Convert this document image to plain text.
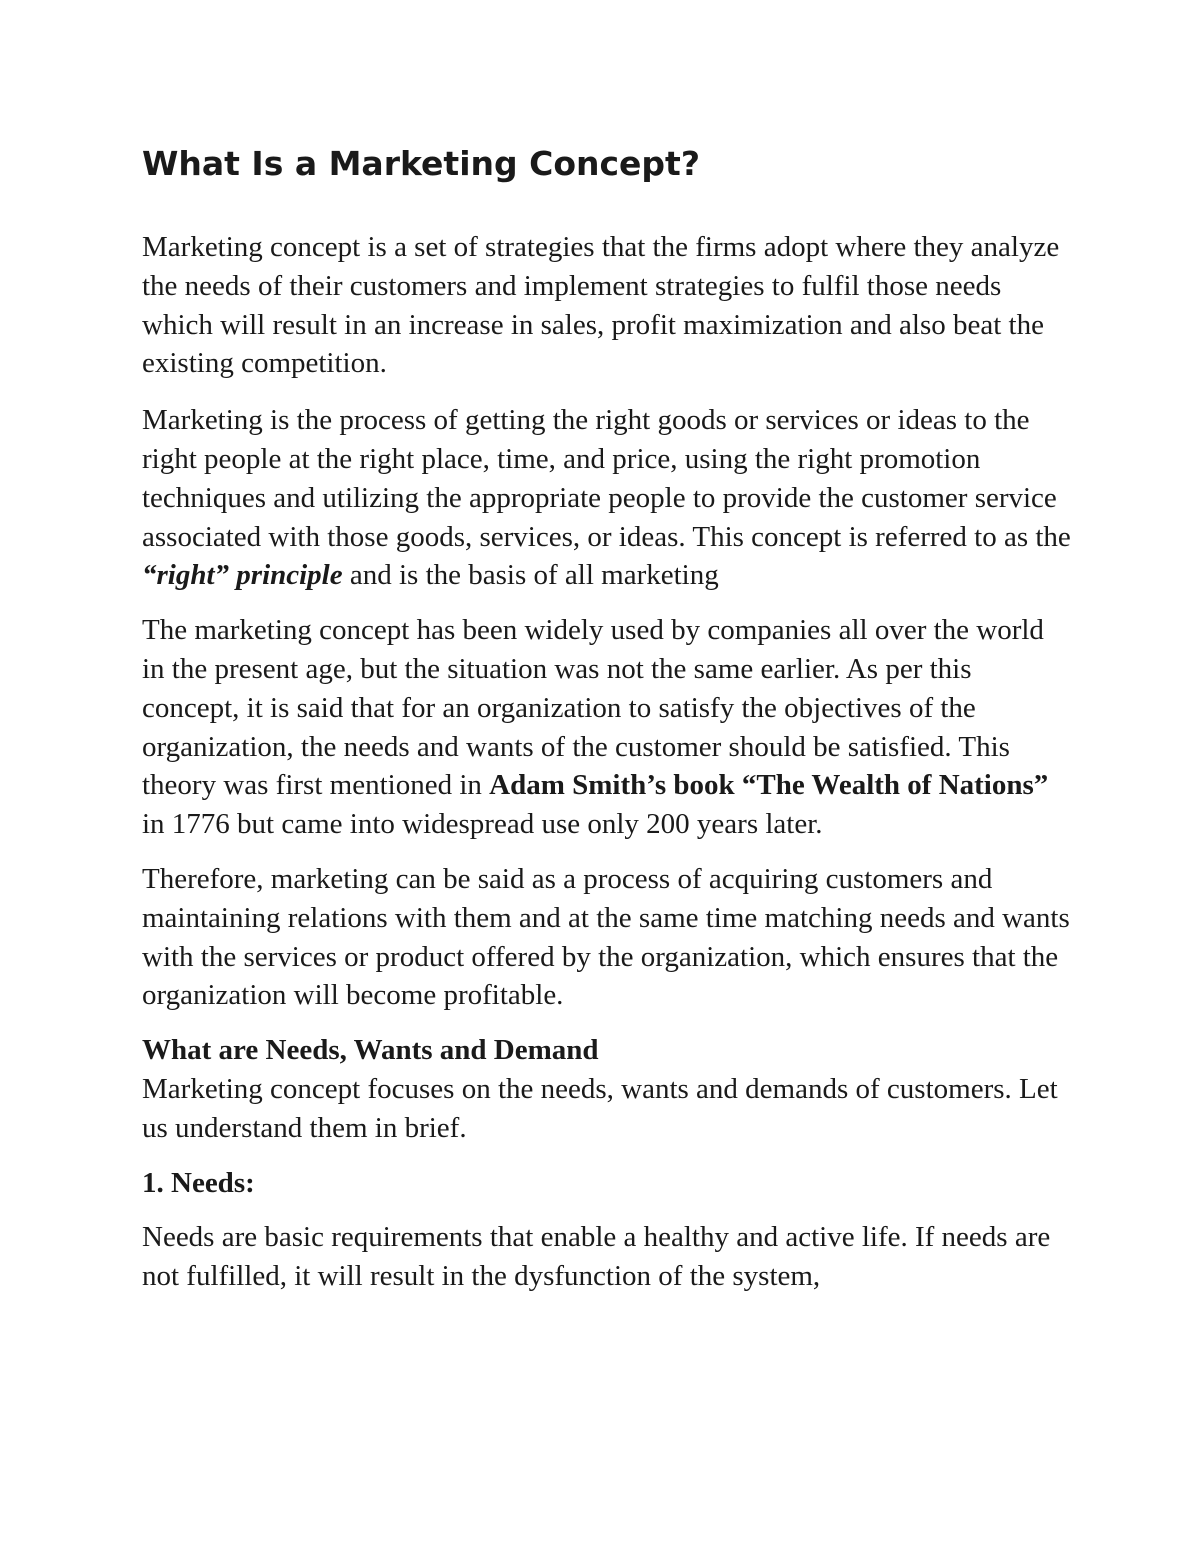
What Is a Marketing Concept?

Marketing concept is a set of strategies that the firms adopt where they analyze the needs of their customers and implement strategies to fulfil those needs which will result in an increase in sales, profit maximization and also beat the existing competition.

Marketing is the process of getting the right goods or services or ideas to the right people at the right place, time, and price, using the right promotion techniques and utilizing the appropriate people to provide the customer service associated with those goods, services, or ideas. This concept is referred to as the “right” principle and is the basis of all marketing

The marketing concept has been widely used by companies all over the world in the present age, but the situation was not the same earlier. As per this concept, it is said that for an organization to satisfy the objectives of the organization, the needs and wants of the customer should be satisfied. This theory was first mentioned in Adam Smith’s book “The Wealth of Nations” in 1776 but came into widespread use only 200 years later.

Therefore, marketing can be said as a process of acquiring customers and maintaining relations with them and at the same time matching needs and wants with the services or product offered by the organization, which ensures that the organization will become profitable.

What are Needs, Wants and Demand

Marketing concept focuses on the needs, wants and demands of customers. Let us understand them in brief.

1. Needs:

Needs are basic requirements that enable a healthy and active life. If needs are not fulfilled, it will result in the dysfunction of the system,
